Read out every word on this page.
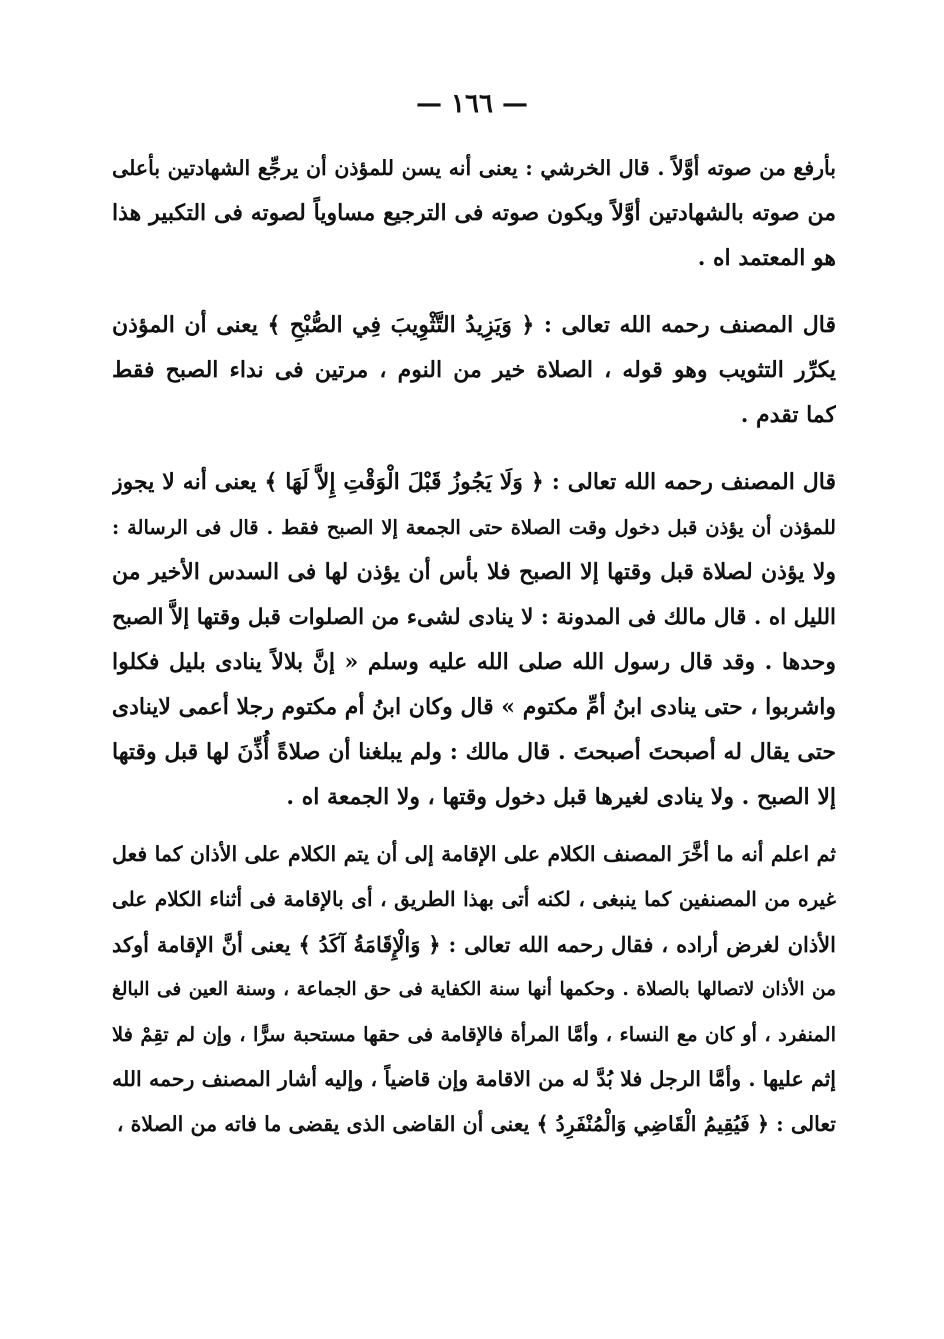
— ١٦٦ —
بأرفع من صوته أوَّلاً . قال الخرشي : يعنى أنه يسن للمؤذن أن يرجِّع الشهادتين بأعلى
من صوته بالشهادتين أوَّلاً ويكون صوته فى الترجيع مساوياً لصوته فى التكبير هذا
هو المعتمد اه .
قال المصنف رحمه الله تعالى : ﴿ وَيَزِيدُ التَّثْوِيبَ فِي الصُّبْحِ ﴾ يعنى أن المؤذن
يكرِّر التثويب وهو قوله ، الصلاة خير من النوم ، مرتين فى نداء الصبح فقط
كما تقدم .
قال المصنف رحمه الله تعالى : ﴿ وَلَا يَجُوزُ قَبْلَ الْوَقْتِ إِلاَّ لَهَا ﴾ يعنى أنه لا يجوز
للمؤذن أن يؤذن قبل دخول وقت الصلاة حتى الجمعة إلا الصبح فقط . قال فى الرسالة :
ولا يؤذن لصلاة قبل وقتها إلا الصبح فلا بأس أن يؤذن لها فى السدس الأخير من
الليل اه . قال مالك فى المدونة : لا ينادى لشىء من الصلوات قبل وقتها إلاَّ الصبح
وحدها . وقد قال رسول الله صلى الله عليه وسلم « إنَّ بلالاً ينادى بليل فكلوا
واشربوا ، حتى ينادى ابنُ أمِّ مكتوم » قال وكان ابنُ أم مكتوم رجلا أعمى لاينادى
حتى يقال له أصبحتَ أصبحتَ . قال مالك : ولم يبلغنا أن صلاةً أُذِّنَ لها قبل وقتها
إلا الصبح . ولا ينادى لغيرها قبل دخول وقتها ، ولا الجمعة اه .
ثم اعلم أنه ما أخَّرَ المصنف الكلام على الإقامة إلى أن يتم الكلام على الأذان كما فعل
غيره من المصنفين كما ينبغى ، لكنه أتى بهذا الطريق ، أى بالإقامة فى أثناء الكلام على
الأذان لغرض أراده ، فقال رحمه الله تعالى : ﴿ وَالْإِقَامَةُ آكَدُ ﴾ يعنى أنَّ الإقامة أوكد
من الأذان لاتصالها بالصلاة . وحكمها أنها سنة الكفاية فى حق الجماعة ، وسنة العين فى البالغ
المنفرد ، أو كان مع النساء ، وأمَّا المرأة فالإقامة فى حقها مستحبة سرًّا ، وإن لم تقِمْ فلا
إثم عليها . وأمَّا الرجل فلا بُدَّ له من الاقامة وإن قاضياً ، وإليه أشار المصنف رحمه الله
تعالى : ﴿ فَيُقِيمُ الْقَاضِي وَالْمُنْفَرِدُ ﴾ يعنى أن القاضى الذى يقضى ما فاته من الصلاة ،
